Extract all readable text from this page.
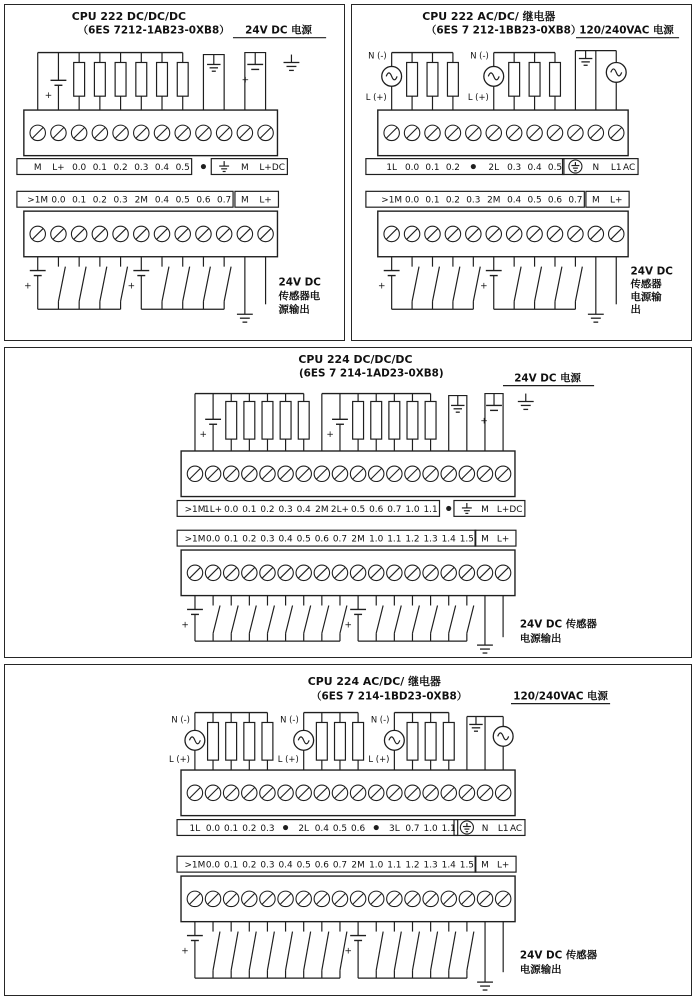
CPU 222 DC/DC/DC
（6ES 7212-1AB23-0XB8） 24V DC 电源
+
+
M L+ 0.0 0.1 0.2 0.3 0.4 0.5	M L+ DC
>1M 0.0 0.1 0.2 0.3 2M 0.4 0.5 0.6 0.7 M L+
+	+	24V DC
传感器电
源输出
CPU 222 AC/DC/ 继电器
（6ES 7 212-1BB23-0XB8）
120/240VAC 电源
N (-)
L (+)
N (-)
L (+)
1L 0.0 0.1 0.2	2L 0.3 0.4 0.5	N L1 AC
>1M 0.0 0.1 0.2 0.3 2M 0.4 0.5 0.6 0.7 M L+
+	+
24V DC
传感器
电源输
出
CPU 224 DC/DC/DC
(6ES 7 214-1AD23-0XB8)	24V DC 电源
+	+
+
>1M
1L+ 0.0 0.1 0.2 0.3 0.4 2M 2L+ 0.5 0.6 0.7 1.0 1.1	M L+ DC
>1M 0.0 0.1 0.2 0.3 0.4 0.5 0.6 0.7 2M 1.0 1.1 1.2 1.3 1.4 1.5 M L+
+	+	24V DC 传感器
电源输出
CPU 224 AC/DC/ 继电器
（6ES 7 214-1BD23-0XB8）	120/240VAC 电源
N (-)
L (+)
N (-)
L (+)
N (-)
L (+)
1L 0.0 0.1 0.2 0.3	2L 0.4 0.5 0.6	3L 0.7 1.0 1.1	N L1 AC
>1M 0.0 0.1 0.2 0.3 0.4 0.5 0.6 0.7 2M 1.0 1.1 1.2 1.3 1.4 1.5 M L+
+	+	24V DC 传感器
电源输出
